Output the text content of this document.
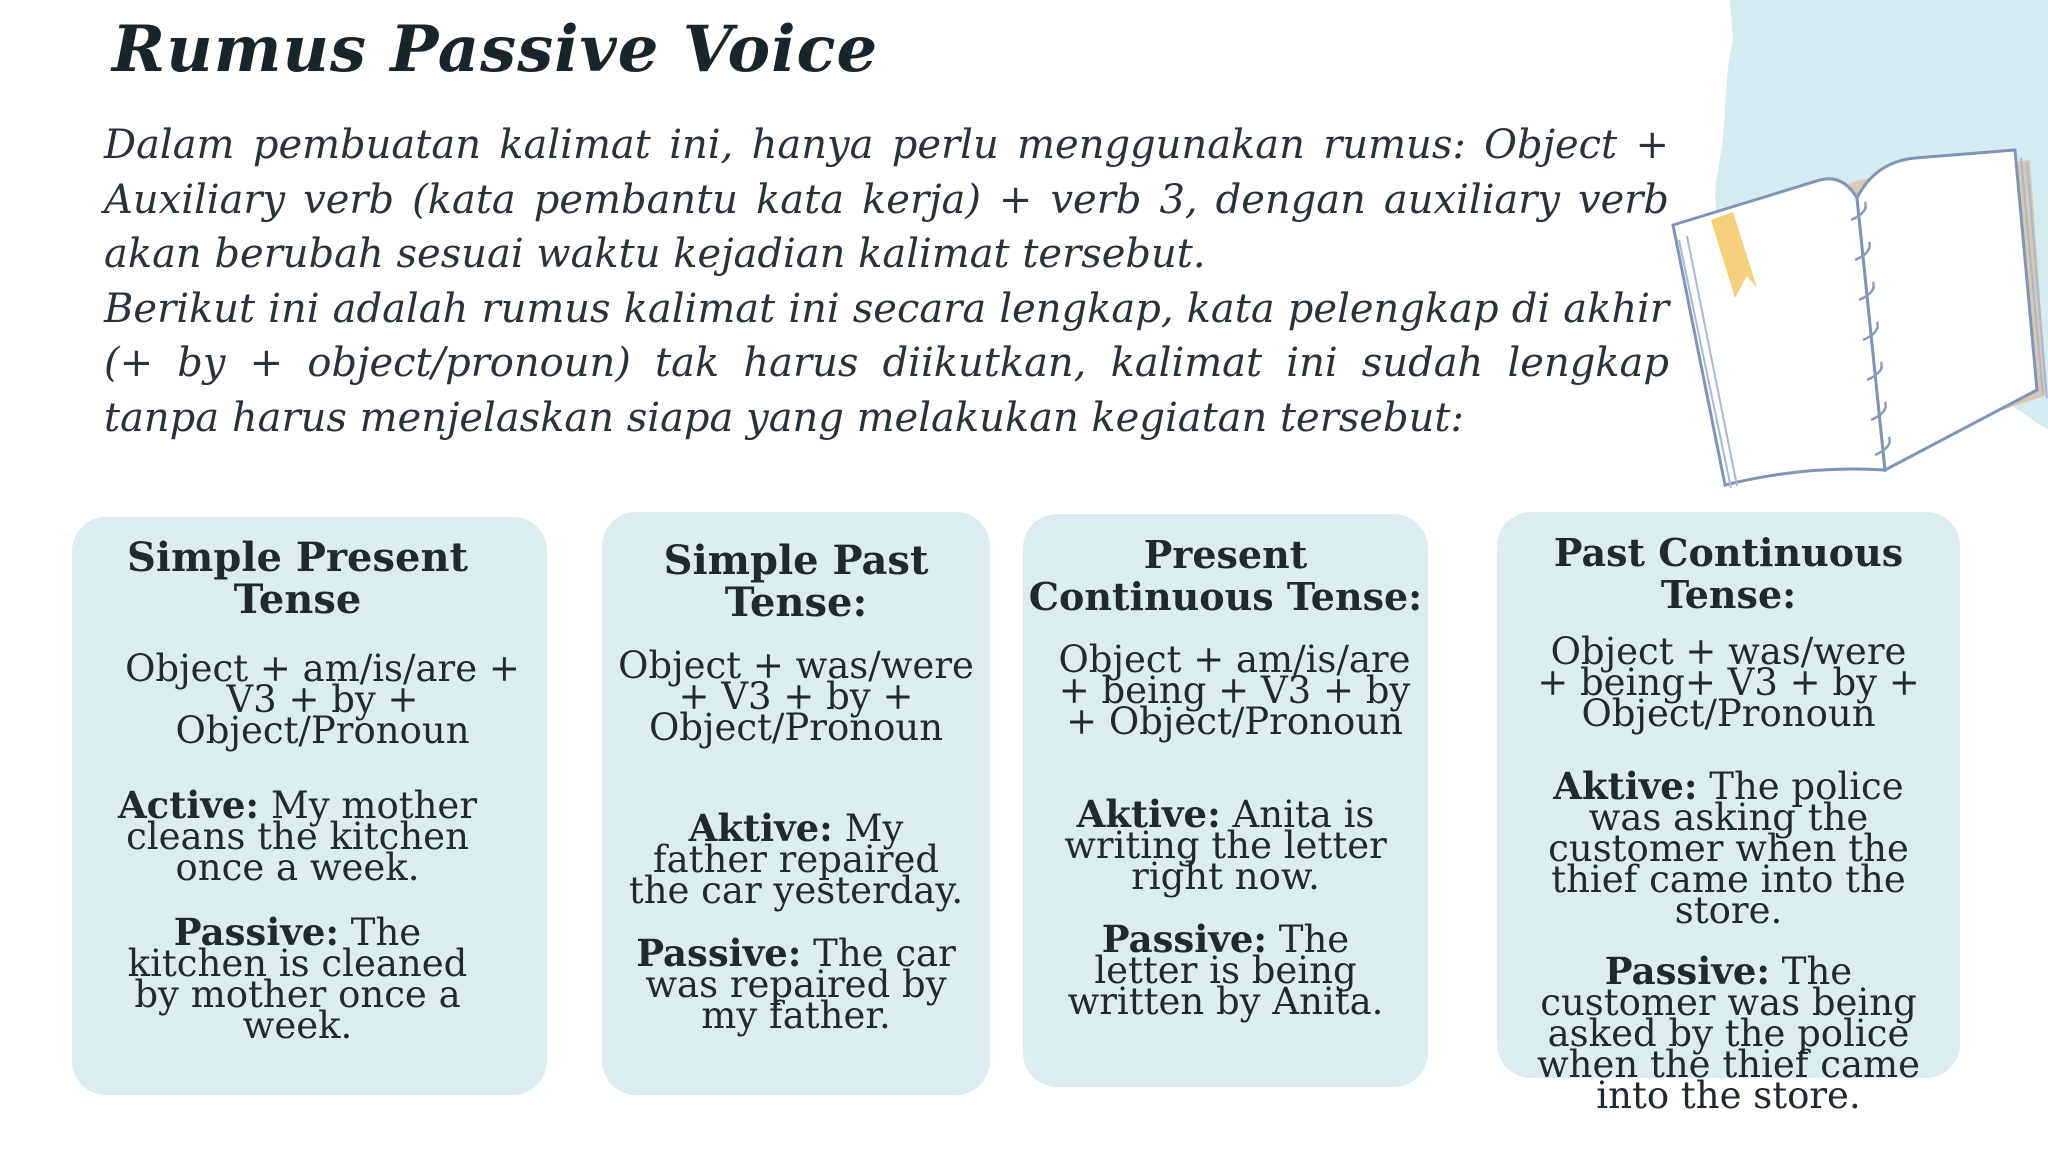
Rumus Passive Voice

Dalam pembuatan kalimat ini, hanya perlu menggunakan rumus: Object + Auxiliary verb (kata pembantu kata kerja) + verb 3, dengan auxiliary verb akan berubah sesuai waktu kejadian kalimat tersebut.

Berikut ini adalah rumus kalimat ini secara lengkap, kata pelengkap di akhir (+ by + object/pronoun) tak harus diikutkan, kalimat ini sudah lengkap tanpa harus menjelaskan siapa yang melakukan kegiatan tersebut:

Simple Present Tense
Object + am/is/are + V3 + by + Object/Pronoun
Active: My mother cleans the kitchen once a week.
Passive: The kitchen is cleaned by mother once a week.
Simple Past Tense:
Object + was/were + V3 + by + Object/Pronoun
Aktive: My father repaired the car yesterday.
Passive: The car was repaired by my father.
Present Continuous Tense:
Object + am/is/are + being + V3 + by + Object/Pronoun
Aktive: Anita is writing the letter right now.
Passive: The letter is being written by Anita.
Past Continuous Tense:
Object + was/were + being+ V3 + by + Object/Pronoun
Aktive: The police was asking the customer when the thief came into the store.
Passive: The customer was being asked by the police when the thief came into the store.
